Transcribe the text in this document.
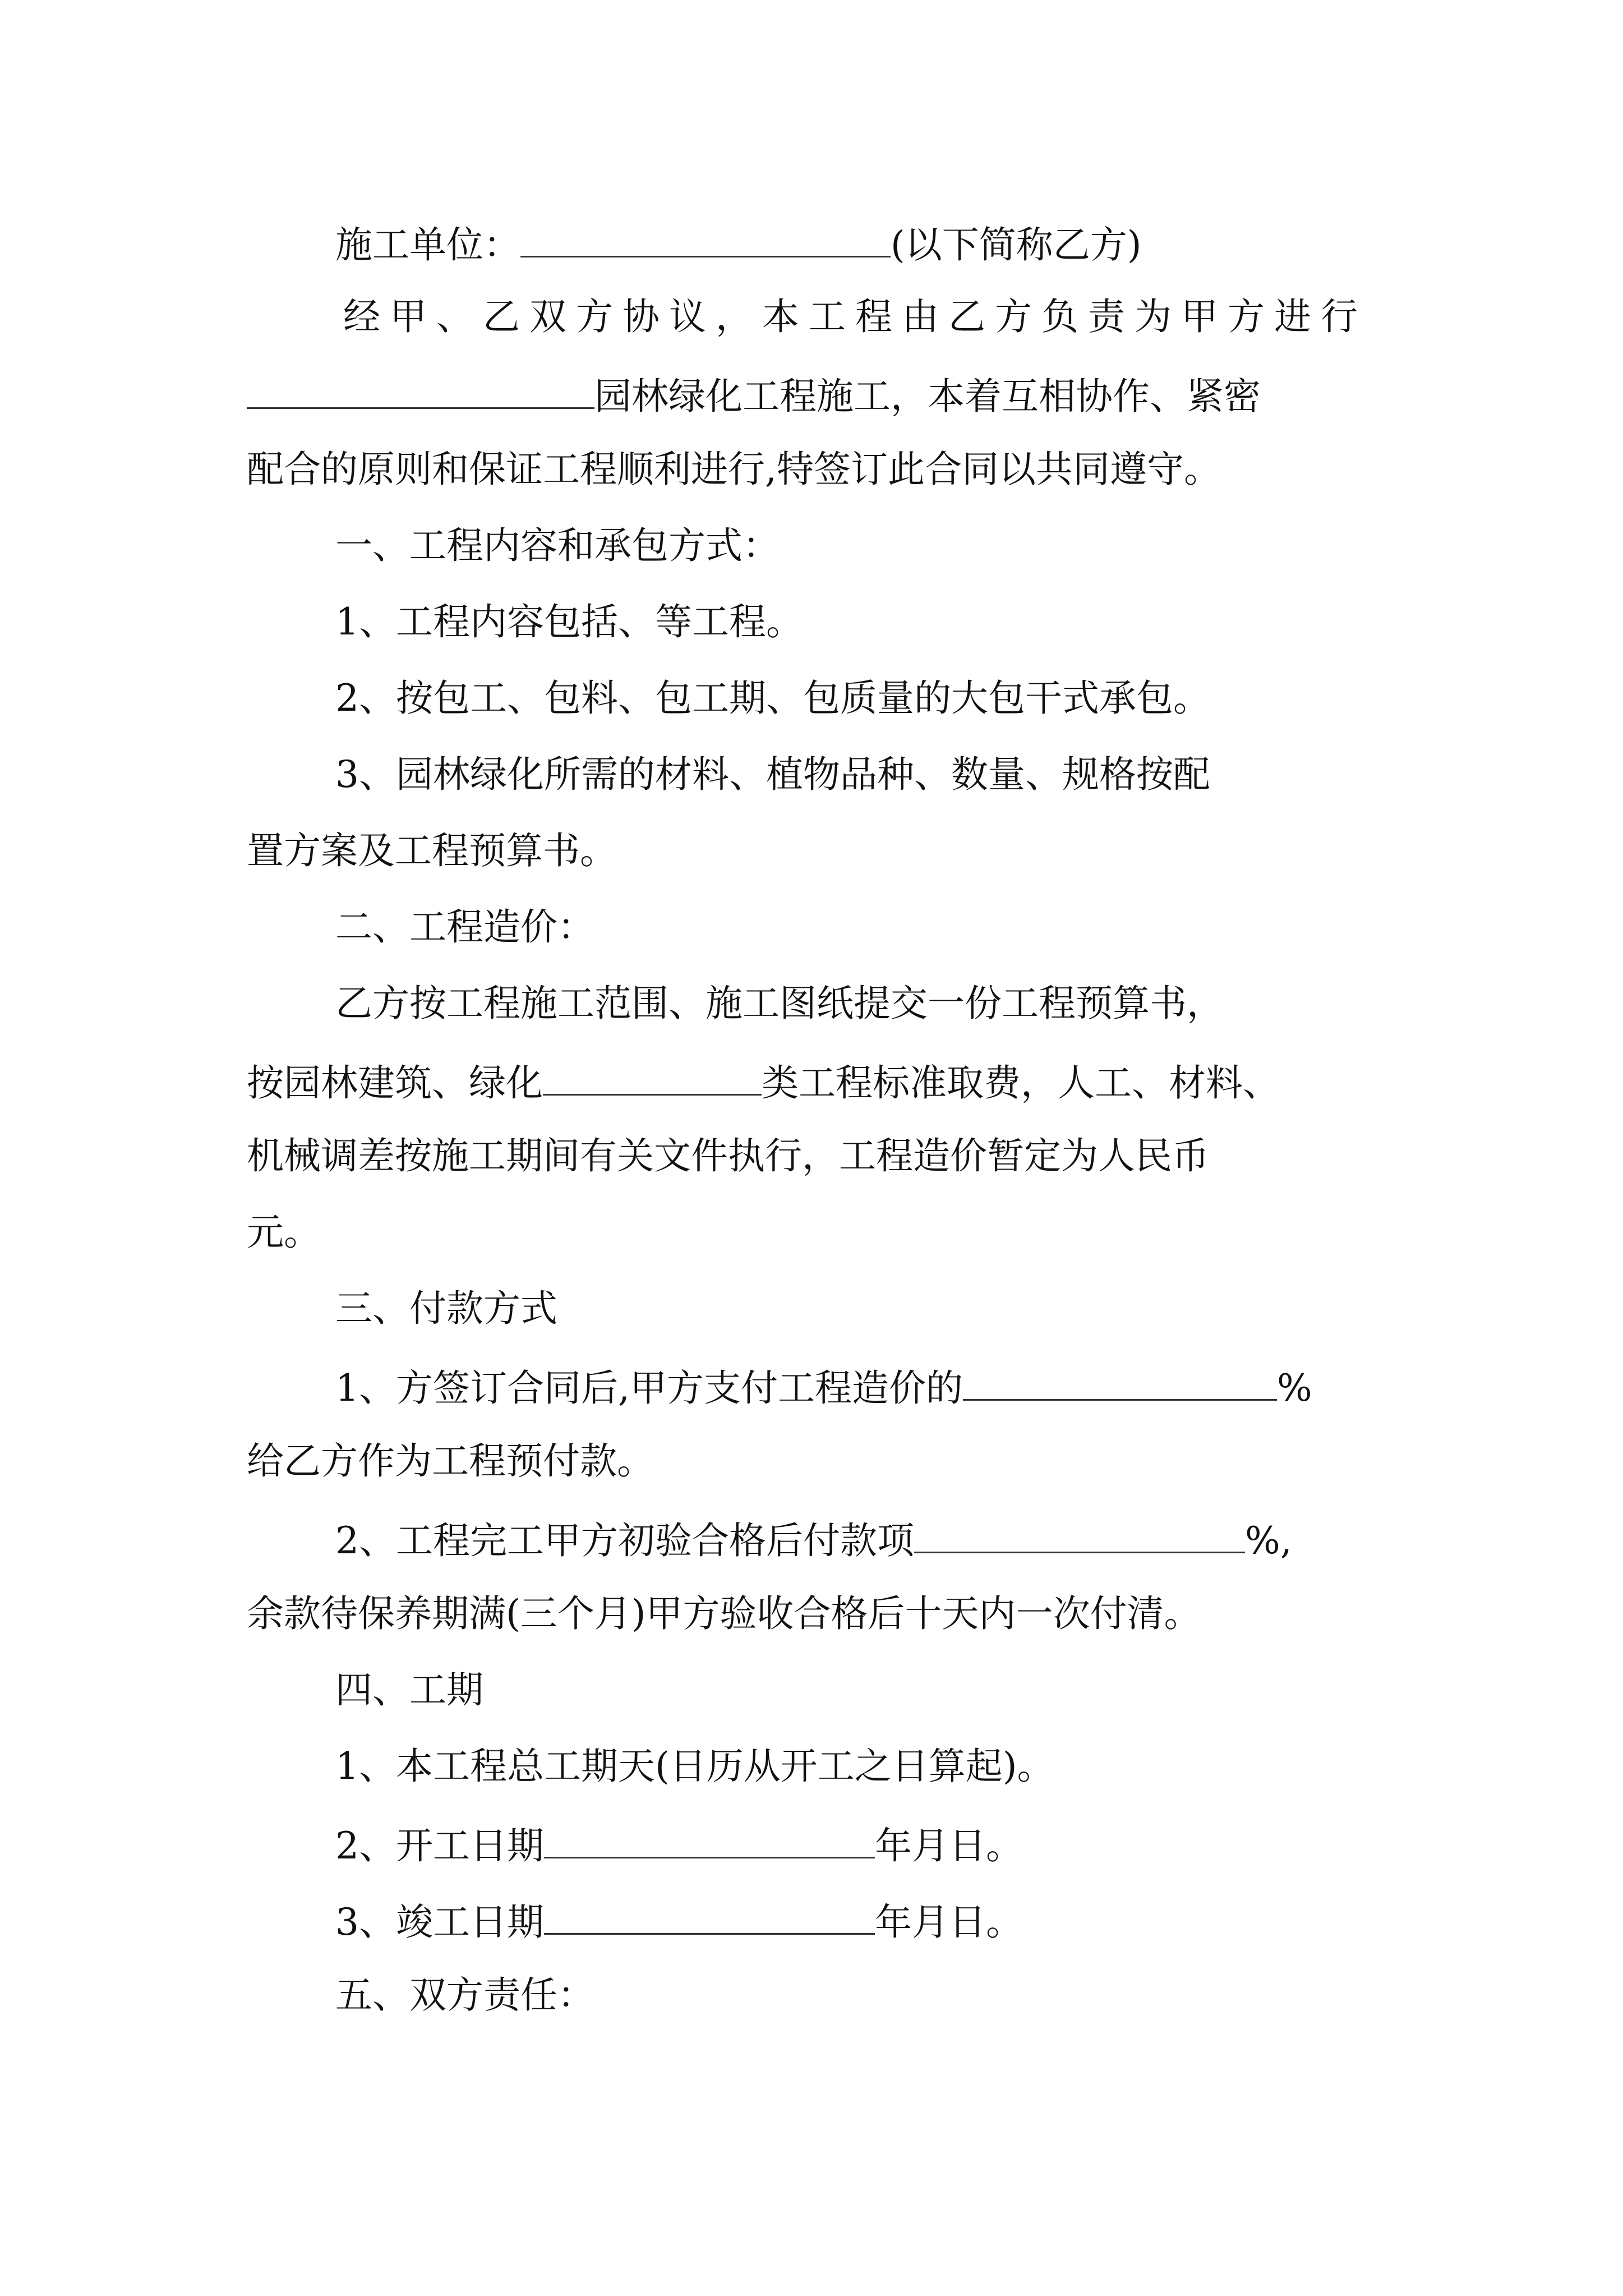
施工单位：	(以下简称乙方)

经甲、乙双方协议，本工程由乙方负责为甲方进行

园林绿化工程施工，本着互相协作、紧密

配合的原则和保证工程顺利进行,特签订此合同以共同遵守。

一、工程内容和承包方式：

1、工程内容包括、等工程。

2、按包工、包料、包工期、包质量的大包干式承包。

3、园林绿化所需的材料、植物品种、数量、规格按配

置方案及工程预算书。

二、工程造价：

乙方按工程施工范围、施工图纸提交一份工程预算书，

按园林建筑、绿化	类工程标准取费，人工、材料、

机械调差按施工期间有关文件执行，工程造价暂定为人民币

元。

三、付款方式

1、方签订合同后,甲方支付工程造价的	%

给乙方作为工程预付款。

2、工程完工甲方初验合格后付款项	%,

余款待保养期满(三个月)甲方验收合格后十天内一次付清。

四、工期

1、本工程总工期天(日历从开工之日算起)。

2、开工日期	年月日。

3、竣工日期	年月日。

五、双方责任：
